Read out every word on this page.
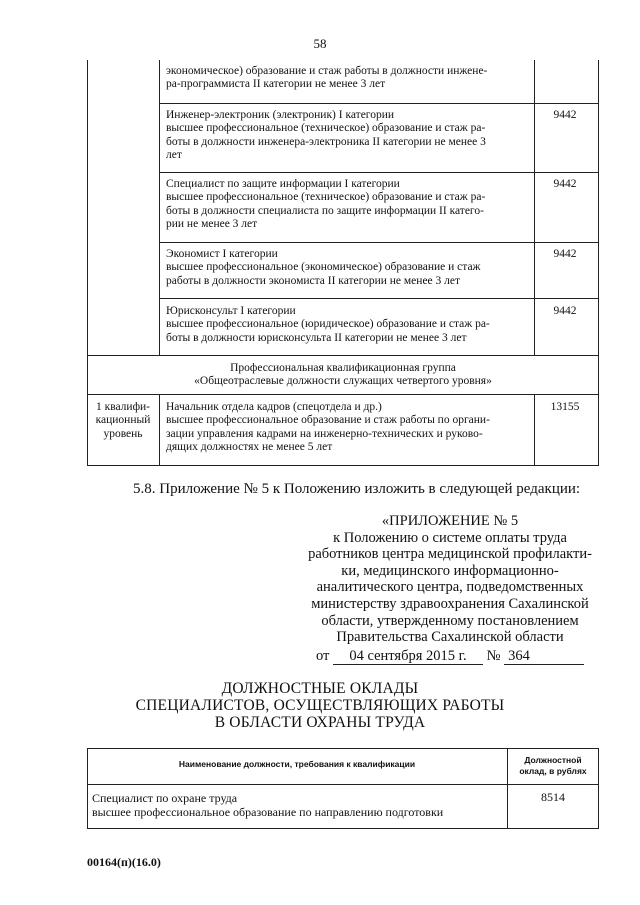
58
экономическое) образование и стаж работы в должности инжене-
ра-программиста II категории не менее 3 лет
Инженер-электроник (электроник) I категории
высшее профессиональное (техническое) образование и стаж ра-
боты в должности инженера-электроника II категории не менее 3
лет
9442
Специалист по защите информации I категории
высшее профессиональное (техническое) образование и стаж ра-
боты в должности специалиста по защите информации II катего-
рии не менее 3 лет
9442
Экономист I категории
высшее профессиональное (экономическое) образование и стаж
работы в должности экономиста II категории не менее 3 лет
9442
Юрисконсульт I категории
высшее профессиональное (юридическое) образование и стаж ра-
боты в должности юрисконсульта II категории не менее 3 лет
9442
Профессиональная квалификационная группа
«Общеотраслевые должности служащих четвертого уровня»
1 квалифи-
кационный
уровень
Начальник отдела кадров (спецотдела и др.)
высшее профессиональное образование и стаж работы по органи-
зации управления кадрами на инженерно-технических и руково-
дящих должностях не менее 5 лет
13155
5.8. Приложение № 5 к Положению изложить в следующей редакции:
«ПРИЛОЖЕНИЕ № 5
к Положению о системе оплаты труда
работников центра медицинской профилакти-
ки, медицинского информационно-
аналитического центра, подведомственных
министерству здравоохранения Сахалинской
области, утвержденному постановлением
Правительства Сахалинской области
от 04 сентября 2015 г. № 364
ДОЛЖНОСТНЫЕ ОКЛАДЫ
СПЕЦИАЛИСТОВ, ОСУЩЕСТВЛЯЮЩИХ РАБОТЫ
В ОБЛАСТИ ОХРАНЫ ТРУДА
Наименование должности, требования к квалификации	Должностной
оклад, в рублях
Специалист по охране труда
высшее профессиональное образование по направлению подготовки
8514
00164(п)(16.0)
